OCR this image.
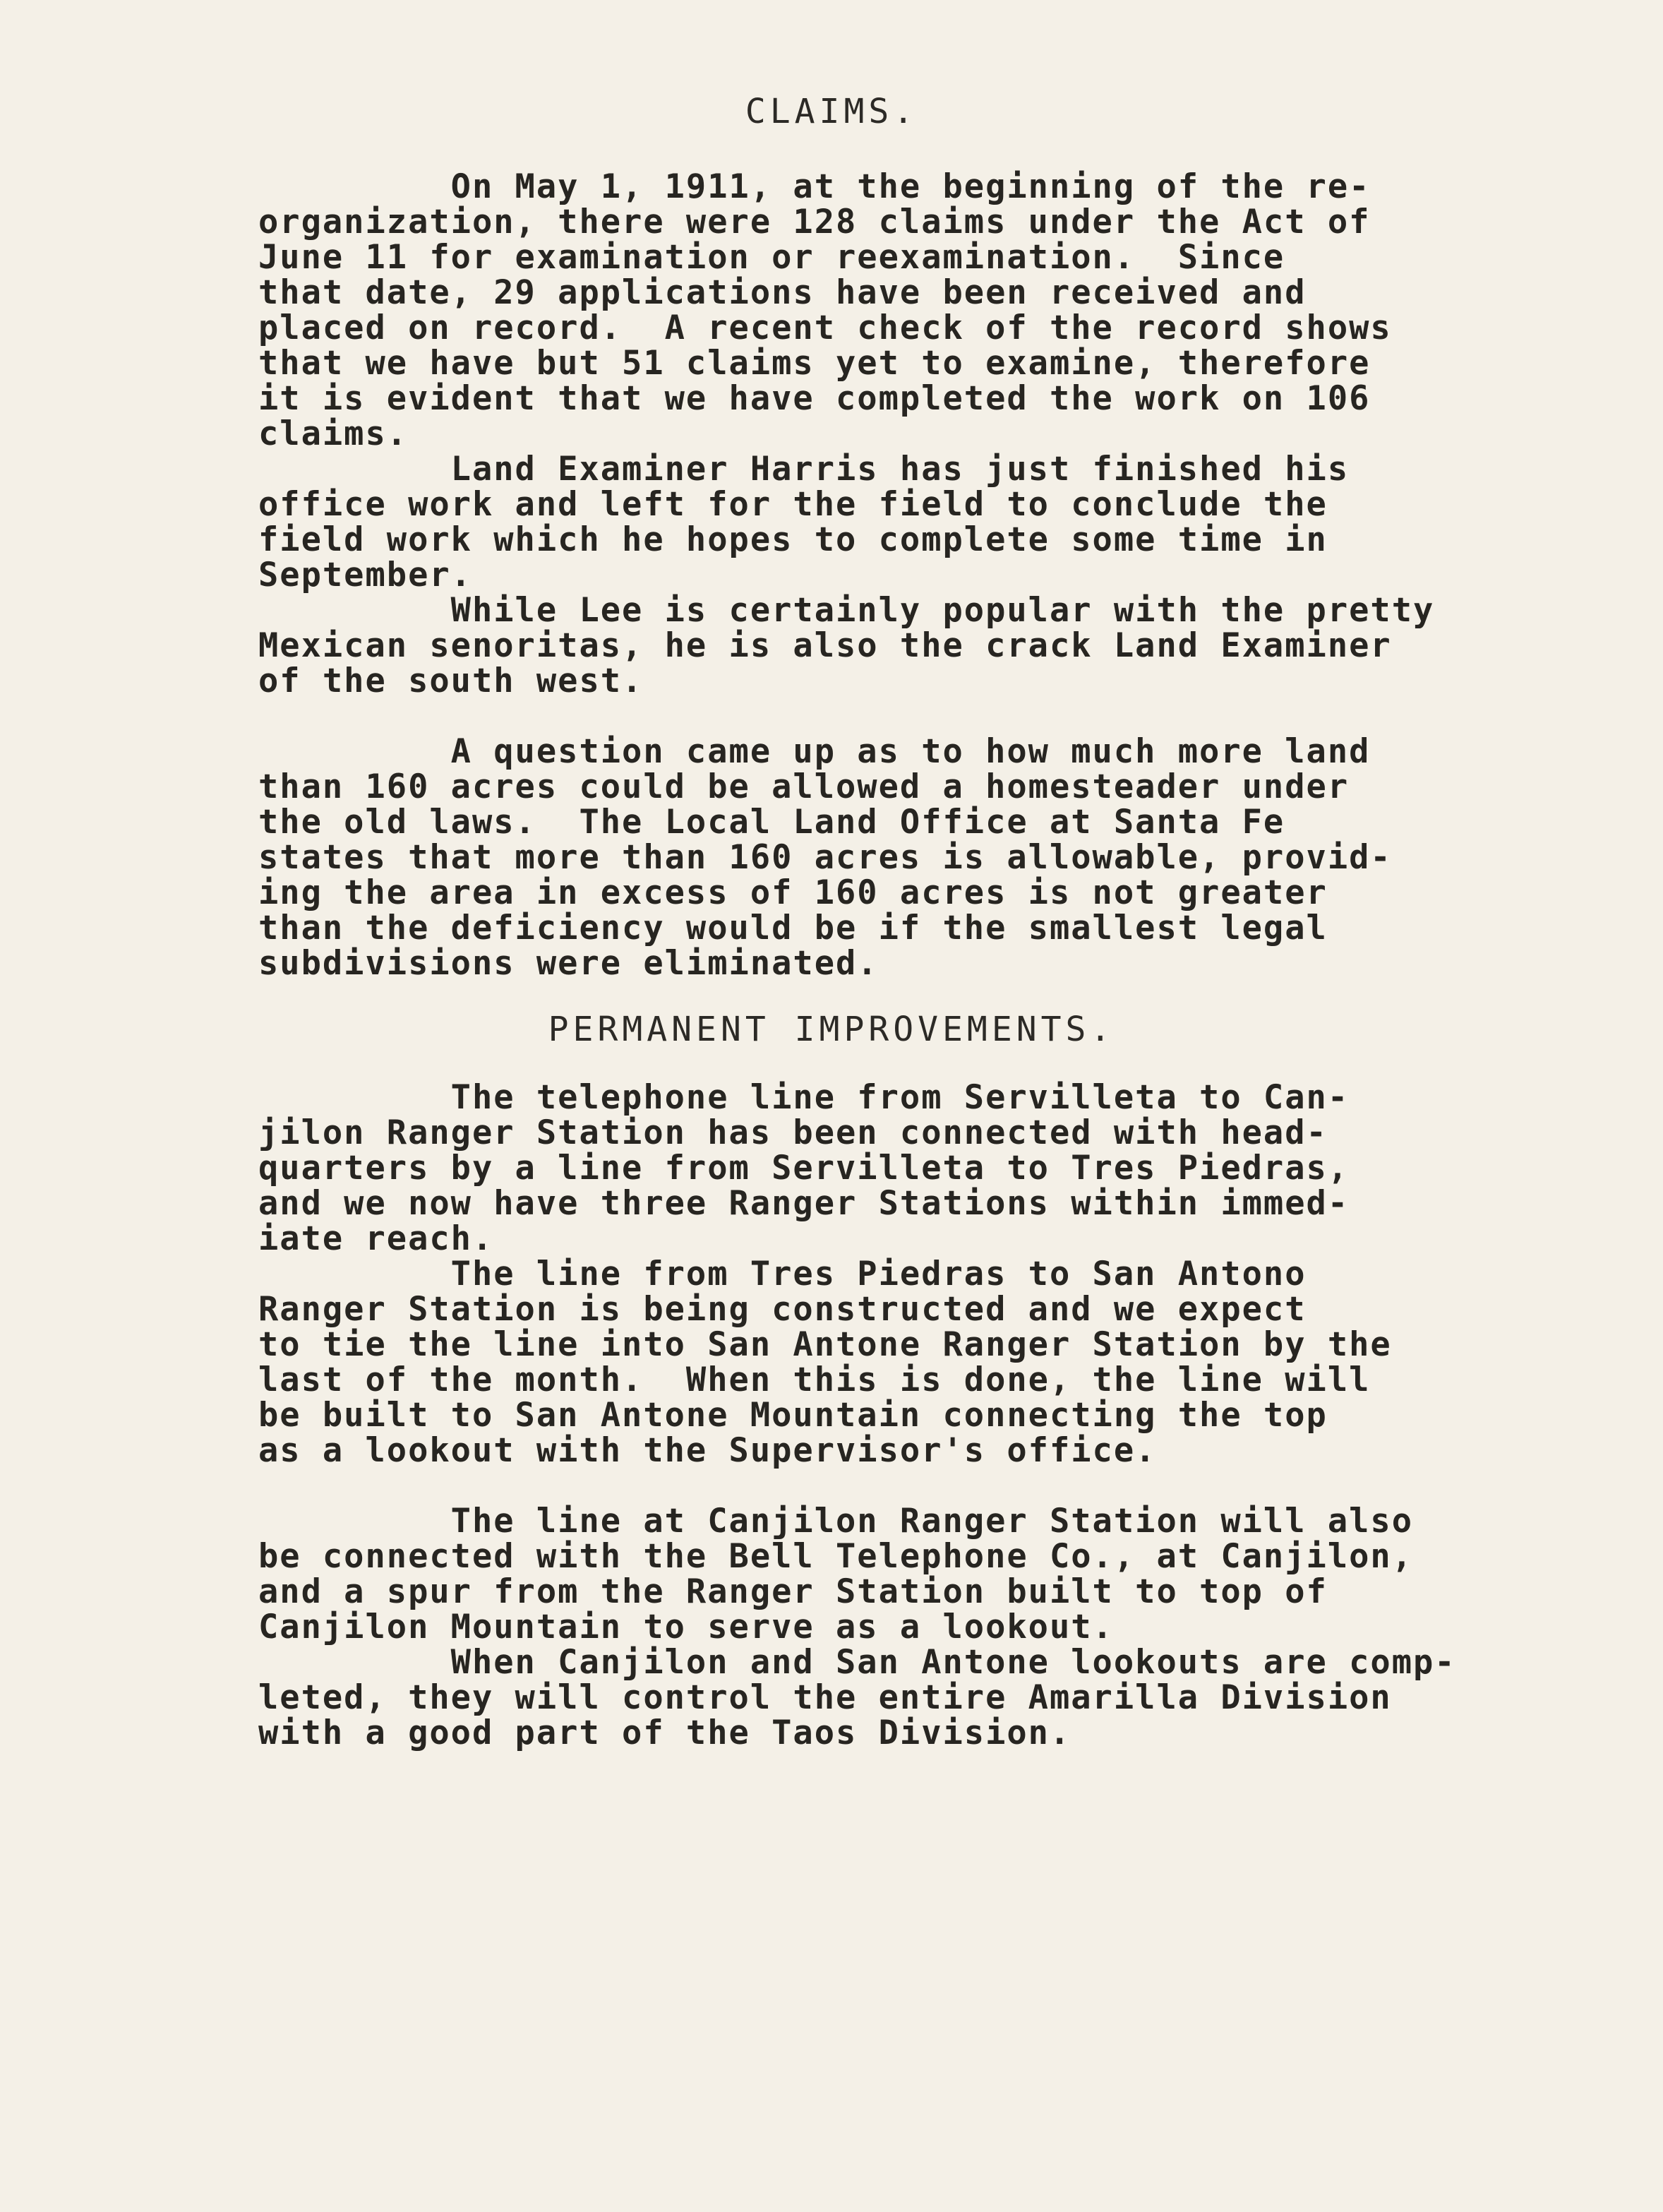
CLAIMS.
On May 1, 1911, at the beginning of the re-
organization, there were 128 claims under the Act of
June 11 for examination or reexamination.  Since
that date, 29 applications have been received and
placed on record.  A recent check of the record shows
that we have but 51 claims yet to examine, therefore
it is evident that we have completed the work on 106
claims.
Land Examiner Harris has just finished his
office work and left for the field to conclude the
field work which he hopes to complete some time in
September.
While Lee is certainly popular with the pretty
Mexican senoritas, he is also the crack Land Examiner
of the south west.
A question came up as to how much more land
than 160 acres could be allowed a homesteader under
the old laws.  The Local Land Office at Santa Fe
states that more than 160 acres is allowable, provid-
ing the area in excess of 160 acres is not greater
than the deficiency would be if the smallest legal
subdivisions were eliminated.
PERMANENT IMPROVEMENTS.
The telephone line from Servilleta to Can-
jilon Ranger Station has been connected with head-
quarters by a line from Servilleta to Tres Piedras,
and we now have three Ranger Stations within immed-
iate reach.
The line from Tres Piedras to San Antono
Ranger Station is being constructed and we expect
to tie the line into San Antone Ranger Station by the
last of the month.  When this is done, the line will
be built to San Antone Mountain connecting the top
as a lookout with the Supervisor's office.
The line at Canjilon Ranger Station will also
be connected with the Bell Telephone Co., at Canjilon,
and a spur from the Ranger Station built to top of
Canjilon Mountain to serve as a lookout.
When Canjilon and San Antone lookouts are comp-
leted, they will control the entire Amarilla Division
with a good part of the Taos Division.
